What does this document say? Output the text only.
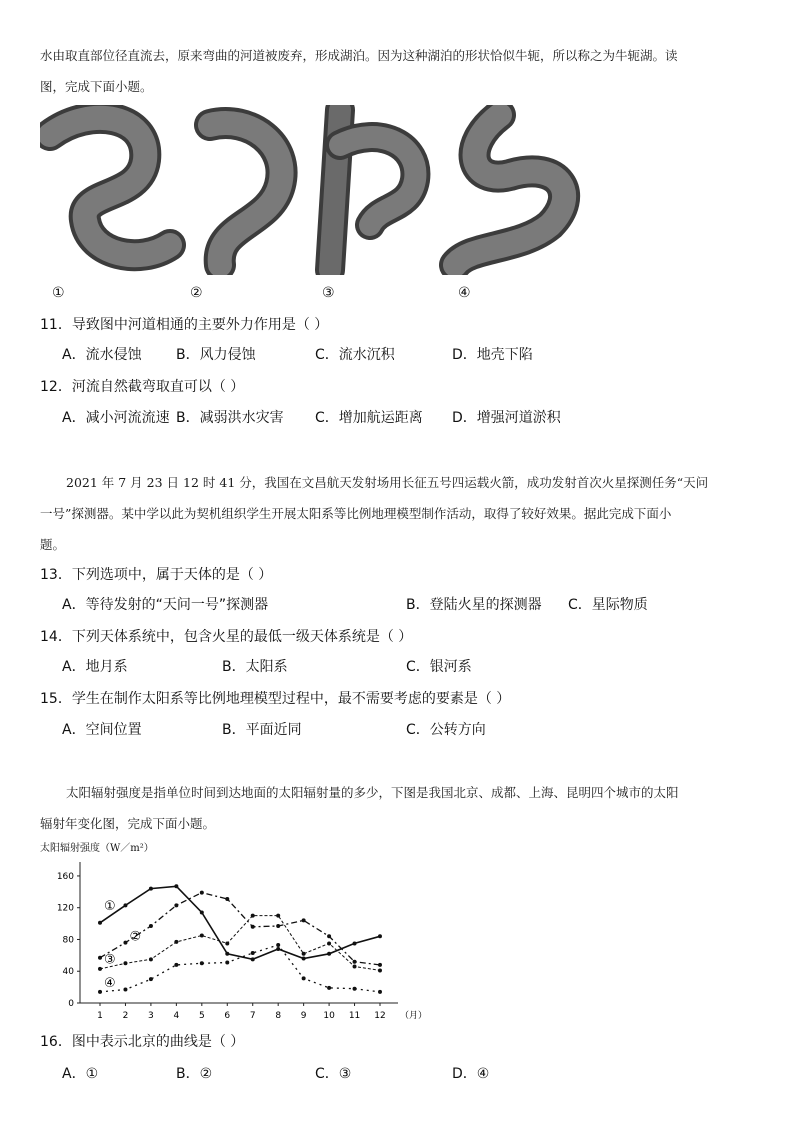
水由取直部位径直流去，原来弯曲的河道被废弃，形成湖泊。因为这种湖泊的形状恰似牛轭，所以称之为牛轭湖。读
图，完成下面小题。
①	②	③	④
11．导致图中河道相通的主要外力作用是（ ）
A．流水侵蚀 B．风力侵蚀	C．流水沉积	D．地壳下陷
12．河流自然截弯取直可以（ ）
A．减小河流流速 B．减弱洪水灾害 C．增加航运距离 D．增强河道淤积
2021 年 7 月 23 日 12 时 41 分，我国在文昌航天发射场用长征五号四运载火箭，成功发射首次火星探测任务“天问
一号”探测器。某中学以此为契机组织学生开展太阳系等比例地理模型制作活动，取得了较好效果。据此完成下面小
题。
13．下列选项中，属于天体的是（ ）
A．等待发射的“天问一号”探测器	B．登陆火星的探测器 C．星际物质
14．下列天体系统中，包含火星的最低一级天体系统是（ ）
A．地月系	B．太阳系	C．银河系
15．学生在制作太阳系等比例地理模型过程中，最不需要考虑的要素是（ ）
A．空间位置	B．平面近同	C．公转方向
太阳辐射强度是指单位时间到达地面的太阳辐射量的多少，下图是我国北京、成都、上海、昆明四个城市的太阳
辐射年变化图，完成下面小题。
太阳辐射强度（W／m²）
0
40
80
120
160
1 2 3 4 5 6 7 8 9 10 11 12 （月）
①
②
③
④
16．图中表示北京的曲线是（ ）
A．①	B．②	C．③	D．④
